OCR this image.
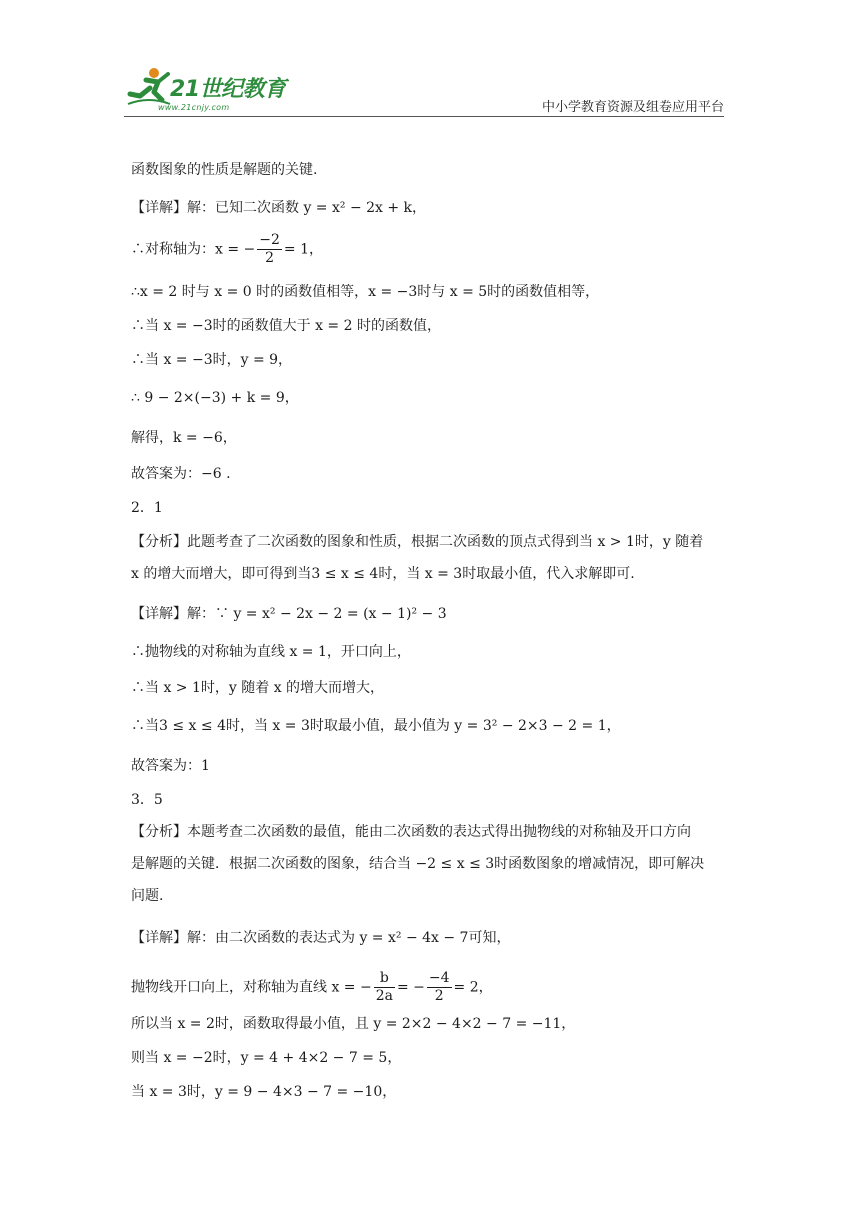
21世纪教育
www.21cnjy.com	中小学教育资源及组卷应用平台
函数图象的性质是解题的关键.
【详解】解：已知二次函数 y = x² − 2x + k，
∴对称轴为：x = − $\frac{-2}{2} = 1$，
∴x = 2 时与 x = 0 时的函数值相等，x = −3时与 x = 5时的函数值相等，
∴当 x = −3时的函数值大于 x = 2 时的函数值，
∴当 x = −3时，y = 9，
∴ 9 − 2×(−3) + k = 9，
解得，k = −6，
故答案为：−6 .
2．1
【分析】此题考查了二次函数的图象和性质，根据二次函数的顶点式得到当 x > 1时，y 随着
x 的增大而增大，即可得到当3 ≤ x ≤ 4时，当 x = 3时取最小值，代入求解即可.
【详解】解：∵ y = x² − 2x − 2 = (x − 1)² − 3
∴抛物线的对称轴为直线 x = 1，开口向上，
∴当 x > 1时，y 随着 x 的增大而增大，
∴当3 ≤ x ≤ 4时，当 x = 3时取最小值，最小值为 y = 3² − 2×3 − 2 = 1，
故答案为：1
3．5
【分析】本题考查二次函数的最值，能由二次函数的表达式得出抛物线的对称轴及开口方向
是解题的关键．根据二次函数的图象，结合当 −2 ≤ x ≤ 3时函数图象的增减情况，即可解决
问题.
【详解】解：由二次函数的表达式为 y = x² − 4x − 7可知，
抛物线开口向上，对称轴为直线 x = − $\frac{b}{2a}$ = − $\frac{-4}{2} = 2$，
所以当 x = 2时，函数取得最小值，且 y = 2×2 − 4×2 − 7 = −11，
则当 x = −2时，y = 4 + 4×2 − 7 = 5，
当 x = 3时，y = 9 − 4×3 − 7 = −10，
